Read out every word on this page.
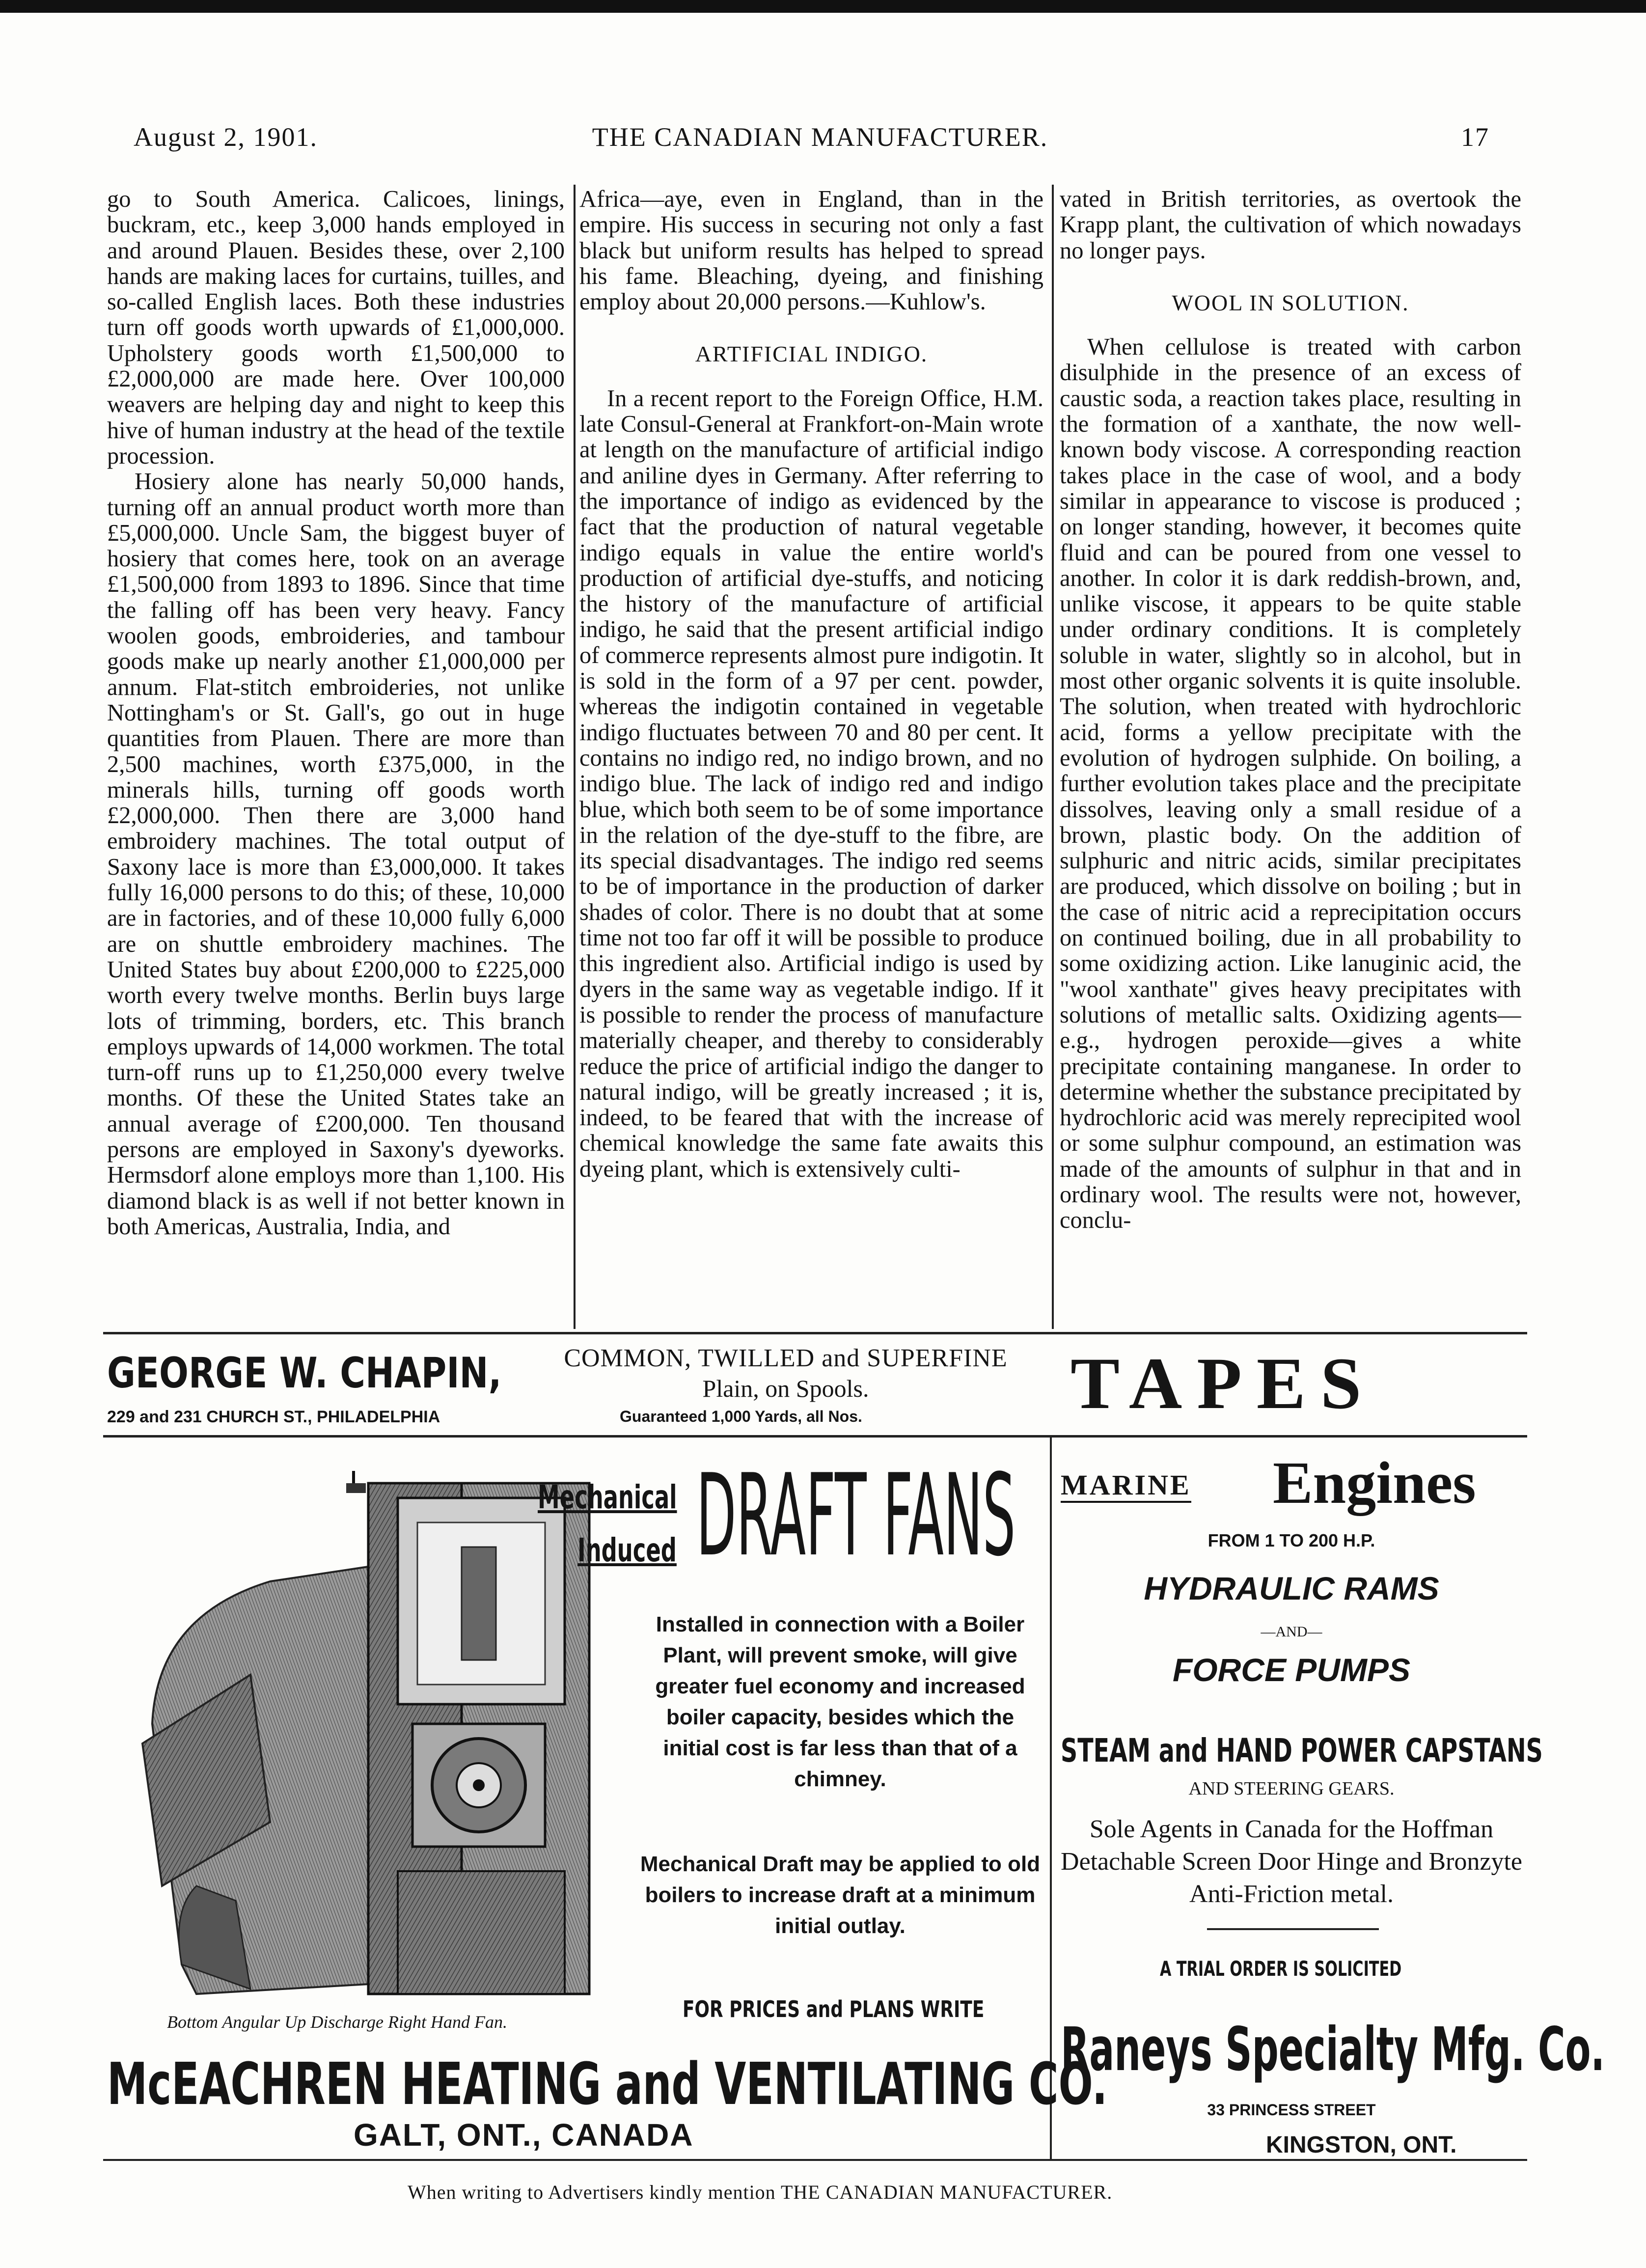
August 2, 1901.	THE CANADIAN MANUFACTURER.	17

go to South America. Calicoes, linings, buckram, etc., keep 3,000 hands employed in and around Plauen. Besides these, over 2,100 hands are making laces for curtains, tuilles, and so-called English laces. Both these industries turn off goods worth upwards of £1,000,000. Upholstery goods worth £1,500,000 to £2,000,000 are made here. Over 100,000 weavers are helping day and night to keep this hive of human industry at the head of the textile procession.

Hosiery alone has nearly 50,000 hands, turning off an annual product worth more than £5,000,000. Uncle Sam, the biggest buyer of hosiery that comes here, took on an average £1,500,000 from 1893 to 1896. Since that time the falling off has been very heavy. Fancy woolen goods, embroideries, and tambour goods make up nearly another £1,000,000 per annum. Flat-stitch embroideries, not unlike Nottingham's or St. Gall's, go out in huge quantities from Plauen. There are more than 2,500 machines, worth £375,000, in the minerals hills, turning off goods worth £2,000,000. Then there are 3,000 hand embroidery machines. The total output of Saxony lace is more than £3,000,000. It takes fully 16,000 persons to do this; of these, 10,000 are in factories, and of these 10,000 fully 6,000 are on shuttle embroidery machines. The United States buy about £200,000 to £225,000 worth every twelve months. Berlin buys large lots of trimming, borders, etc. This branch employs upwards of 14,000 workmen. The total turn-off runs up to £1,250,000 every twelve months. Of these the United States take an annual average of £200,000. Ten thousand persons are employed in Saxony's dyeworks. Hermsdorf alone employs more than 1,100. His diamond black is as well if not better known in both Americas, Australia, India, and

Africa—aye, even in England, than in the empire. His success in securing not only a fast black but uniform results has helped to spread his fame. Bleaching, dyeing, and finishing employ about 20,000 persons.—Kuhlow's.

ARTIFICIAL INDIGO.

In a recent report to the Foreign Office, H.M. late Consul-General at Frankfort-on-Main wrote at length on the manufacture of artificial indigo and aniline dyes in Germany. After referring to the importance of indigo as evidenced by the fact that the production of natural vegetable indigo equals in value the entire world's production of artificial dye-stuffs, and noticing the history of the manufacture of artificial indigo, he said that the present artificial indigo of commerce represents almost pure indigotin. It is sold in the form of a 97 per cent. powder, whereas the indigotin contained in vegetable indigo fluctuates between 70 and 80 per cent. It contains no indigo red, no indigo brown, and no indigo blue. The lack of indigo red and indigo blue, which both seem to be of some importance in the relation of the dye-stuff to the fibre, are its special disadvantages. The indigo red seems to be of importance in the production of darker shades of color. There is no doubt that at some time not too far off it will be possible to produce this ingredient also. Artificial indigo is used by dyers in the same way as vegetable indigo. If it is possible to render the process of manufacture materially cheaper, and thereby to considerably reduce the price of artificial indigo the danger to natural indigo, will be greatly increased ; it is, indeed, to be feared that with the increase of chemical knowledge the same fate awaits this dyeing plant, which is extensively culti-

vated in British territories, as overtook the Krapp plant, the cultivation of which nowadays no longer pays.

WOOL IN SOLUTION.

When cellulose is treated with carbon disulphide in the presence of an excess of caustic soda, a reaction takes place, resulting in the formation of a xanthate, the now well-known body viscose. A corresponding reaction takes place in the case of wool, and a body similar in appearance to viscose is produced ; on longer standing, however, it becomes quite fluid and can be poured from one vessel to another. In color it is dark reddish-brown, and, unlike viscose, it appears to be quite stable under ordinary conditions. It is completely soluble in water, slightly so in alcohol, but in most other organic solvents it is quite insoluble. The solution, when treated with hydrochloric acid, forms a yellow precipitate with the evolution of hydrogen sulphide. On boiling, a further evolution takes place and the precipitate dissolves, leaving only a small residue of a brown, plastic body. On the addition of sulphuric and nitric acids, similar precipitates are produced, which dissolve on boiling ; but in the case of nitric acid a reprecipitation occurs on continued boiling, due in all probability to some oxidizing action. Like lanuginic acid, the "wool xanthate" gives heavy precipitates with solutions of metallic salts. Oxidizing agents—e.g., hydrogen peroxide—gives a white precipitate containing manganese. In order to determine whether the substance precipitated by hydrochloric acid was merely reprecipited wool or some sulphur compound, an estimation was made of the amounts of sulphur in that and in ordinary wool. The results were not, however, conclu-

GEORGE W. CHAPIN,
229 and 231 CHURCH ST., PHILADELPHIA
COMMON, TWILLED and SUPERFINE
Plain, on Spools.
Guaranteed 1,000 Yards, all Nos.	TAPES
Bottom Angular Up Discharge Right Hand Fan.
Mechanical
Induced DRAFT FANS
Installed in connection with a Boiler Plant, will prevent smoke, will give greater fuel economy and increased boiler capacity, besides which the initial cost is far less than that of a chimney.
Mechanical Draft may be applied to old boilers to increase draft at a minimum initial outlay.
FOR PRICES and PLANS WRITE
McEACHREN HEATING and VENTILATING CO.
GALT, ONT., CANADA
MARINE Engines
FROM 1 TO 200 H.P.
HYDRAULIC RAMS
—AND—
FORCE PUMPS
STEAM and HAND POWER CAPSTANS
AND STEERING GEARS.
Sole Agents in Canada for the Hoffman Detachable Screen Door Hinge and Bronzyte Anti-Friction metal.
A TRIAL ORDER IS SOLICITED
Raneys Specialty Mfg. Co.
33 PRINCESS STREET
KINGSTON, ONT.
When writing to Advertisers kindly mention THE CANADIAN MANUFACTURER.
